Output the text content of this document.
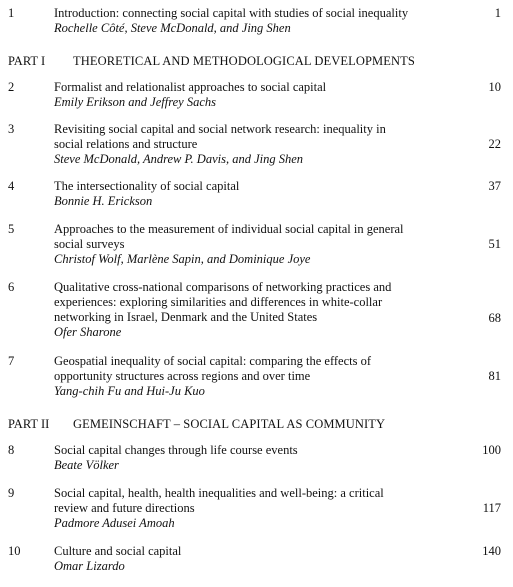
1	Introduction: connecting social capital with studies of social inequality
Rochelle Côté, Steve McDonald, and Jing Shen
1
PART I THEORETICAL AND METHODOLOGICAL DEVELOPMENTS
2	Formalist and relationalist approaches to social capital
Emily Erikson and Jeffrey Sachs
10
3	Revisiting social capital and social network research: inequality in
social relations and structure
Steve McDonald, Andrew P. Davis, and Jing Shen
22
4	The intersectionality of social capital
Bonnie H. Erickson
37
5	Approaches to the measurement of individual social capital in general
social surveys
Christof Wolf, Marlène Sapin, and Dominique Joye
51
6	Qualitative cross-national comparisons of networking practices and
experiences: exploring similarities and differences in white-collar
networking in Israel, Denmark and the United States
Ofer Sharone
68
7	Geospatial inequality of social capital: comparing the effects of
opportunity structures across regions and over time
Yang-chih Fu and Hui-Ju Kuo
81
PART II GEMEINSCHAFT – SOCIAL CAPITAL AS COMMUNITY
8	Social capital changes through life course events
Beate Völker
100
9	Social capital, health, health inequalities and well-being: a critical
review and future directions
Padmore Adusei Amoah
117
10	Culture and social capital
Omar Lizardo
140
